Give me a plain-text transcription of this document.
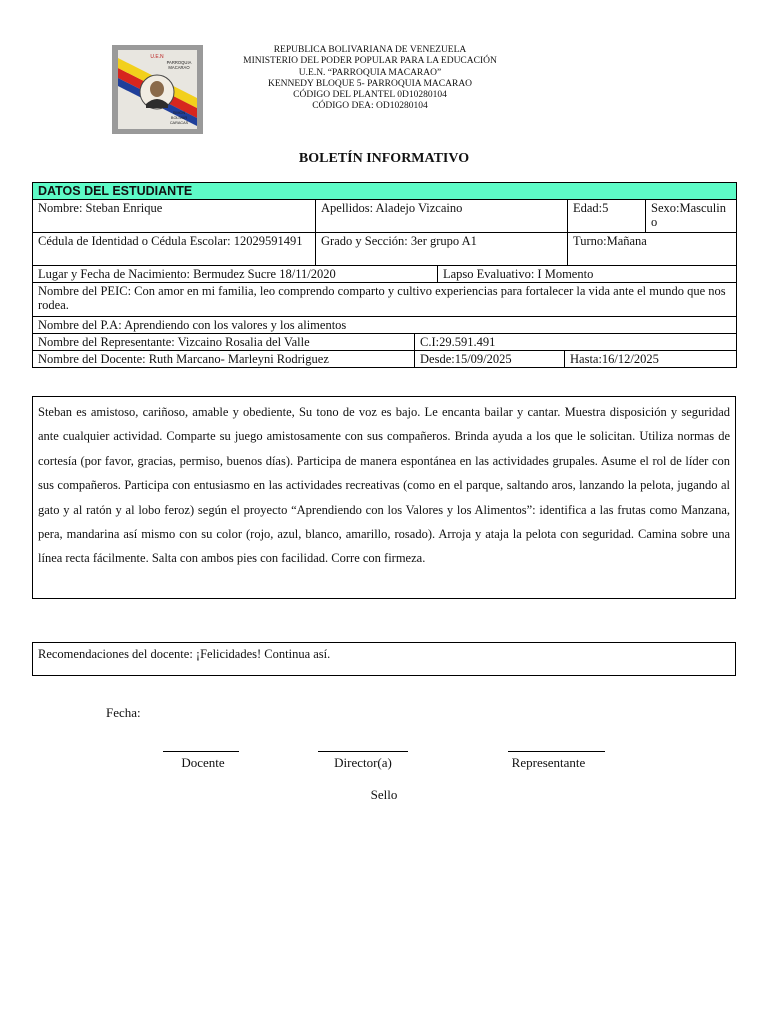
U.E.N
PARROQUIA
MACARAO
SIMON
BOLIVAR
CARACAS
REPUBLICA BOLIVARIANA DE VENEZUELA
MINISTERIO DEL PODER POPULAR PARA LA EDUCACIÓN
U.E.N. “PARROQUIA MACARAO”
KENNEDY BLOQUE 5- PARROQUIA MACARAO
CÓDIGO DEL PLANTEL 0D10280104
CÓDIGO DEA: OD10280104
BOLETÍN INFORMATIVO
DATOS DEL ESTUDIANTE			
Nombre: Steban Enrique	Apellidos: Aladejo Vizcaino	Edad:5	Sexo:Masculino
Cédula de Identidad o Cédula Escolar: 12029591491	Grado y Sección: 3er grupo A1	Turno:Mañana	
Lugar y Fecha de Nacimiento: Bermudez Sucre 18/11/2020	Lapso Evaluativo: I Momento
Nombre del PEIC: Con amor en mi familia, leo comprendo comparto y cultivo experiencias para fortalecer la vida ante el mundo que nos rodea.
Nombre del P.A: Aprendiendo con los valores y los alimentos
Nombre del Representante: Vizcaino Rosalia del Valle	C.I:29.591.491	
Nombre del Docente: Ruth Marcano- Marleyni Rodriguez	Desde:15/09/2025	Hasta:16/12/2025
Steban es amistoso, cariñoso, amable y obediente, Su tono de voz es bajo. Le encanta bailar y cantar. Muestra disposición y seguridad ante cualquier actividad. Comparte su juego amistosamente con sus compañeros. Brinda ayuda a los que le solicitan. Utiliza normas de cortesía (por favor, gracias, permiso, buenos días). Participa de manera espontánea en las actividades grupales. Asume el rol de líder con sus compañeros. Participa con entusiasmo en las actividades recreativas (como en el parque, saltando aros, lanzando la pelota, jugando al gato y al ratón y al lobo feroz) según el proyecto “Aprendiendo con los Valores y los Alimentos”: identifica a las frutas como Manzana, pera, mandarina así mismo con su color (rojo, azul, blanco, amarillo, rosado). Arroja y ataja la pelota con seguridad. Camina sobre una línea recta fácilmente. Salta con ambos pies con facilidad. Corre con firmeza.
Recomendaciones del docente: ¡Felicidades! Continua así.
Fecha:
Docente	Director(a)	Representante
Sello
